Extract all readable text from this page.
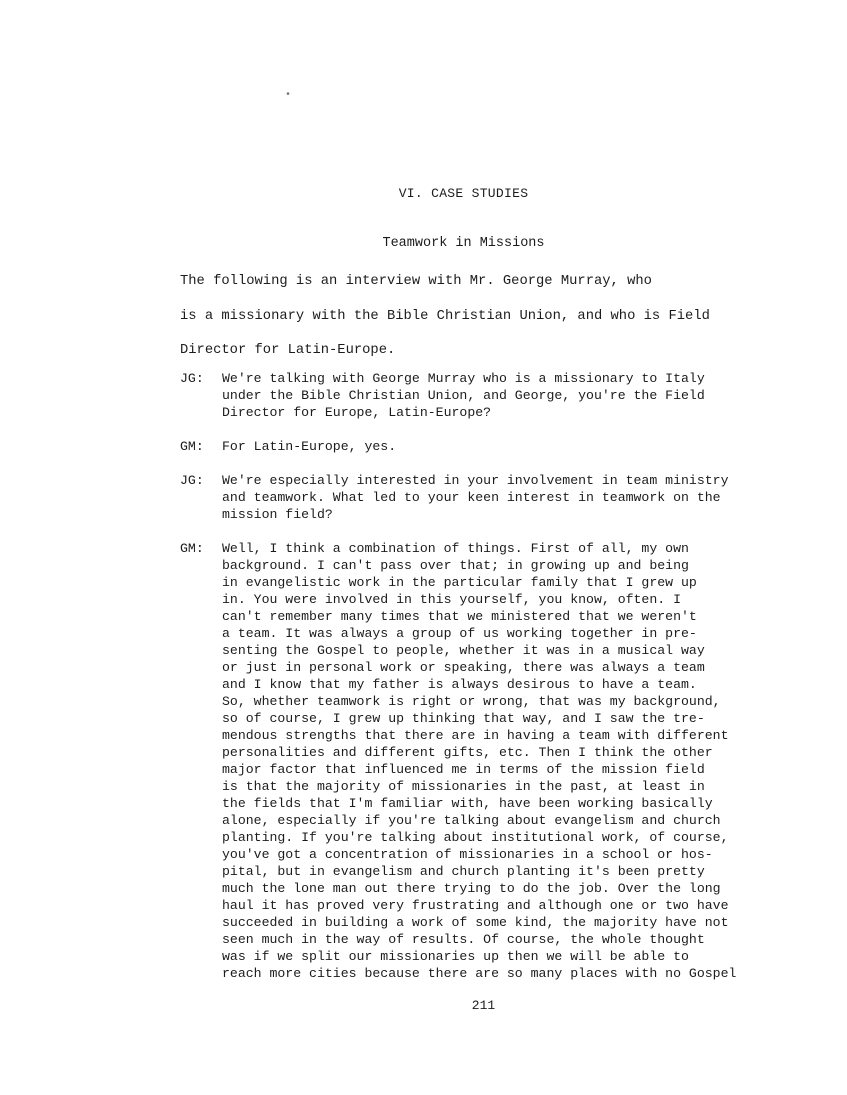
•
VI. CASE STUDIES
Teamwork in Missions

The following is an interview with Mr. George Murray, who
is a missionary with the Bible Christian Union, and who is Field
Director for Latin-Europe.

JG:	We're talking with George Murray who is a missionary to Italy
under the Bible Christian Union, and George, you're the Field
Director for Europe, Latin-Europe?

GM:	For Latin-Europe, yes.

JG:	We're especially interested in your involvement in team ministry
and teamwork. What led to your keen interest in teamwork on the
mission field?

GM:	Well, I think a combination of things. First of all, my own
background. I can't pass over that; in growing up and being
in evangelistic work in the particular family that I grew up
in. You were involved in this yourself, you know, often. I
can't remember many times that we ministered that we weren't
a team. It was always a group of us working together in pre-
senting the Gospel to people, whether it was in a musical way
or just in personal work or speaking, there was always a team
and I know that my father is always desirous to have a team.
So, whether teamwork is right or wrong, that was my background,
so of course, I grew up thinking that way, and I saw the tre-
mendous strengths that there are in having a team with different
personalities and different gifts, etc. Then I think the other
major factor that influenced me in terms of the mission field
is that the majority of missionaries in the past, at least in
the fields that I'm familiar with, have been working basically
alone, especially if you're talking about evangelism and church
planting. If you're talking about institutional work, of course,
you've got a concentration of missionaries in a school or hos-
pital, but in evangelism and church planting it's been pretty
much the lone man out there trying to do the job. Over the long
haul it has proved very frustrating and although one or two have
succeeded in building a work of some kind, the majority have not
seen much in the way of results. Of course, the whole thought
was if we split our missionaries up then we will be able to
reach more cities because there are so many places with no Gospel

211
